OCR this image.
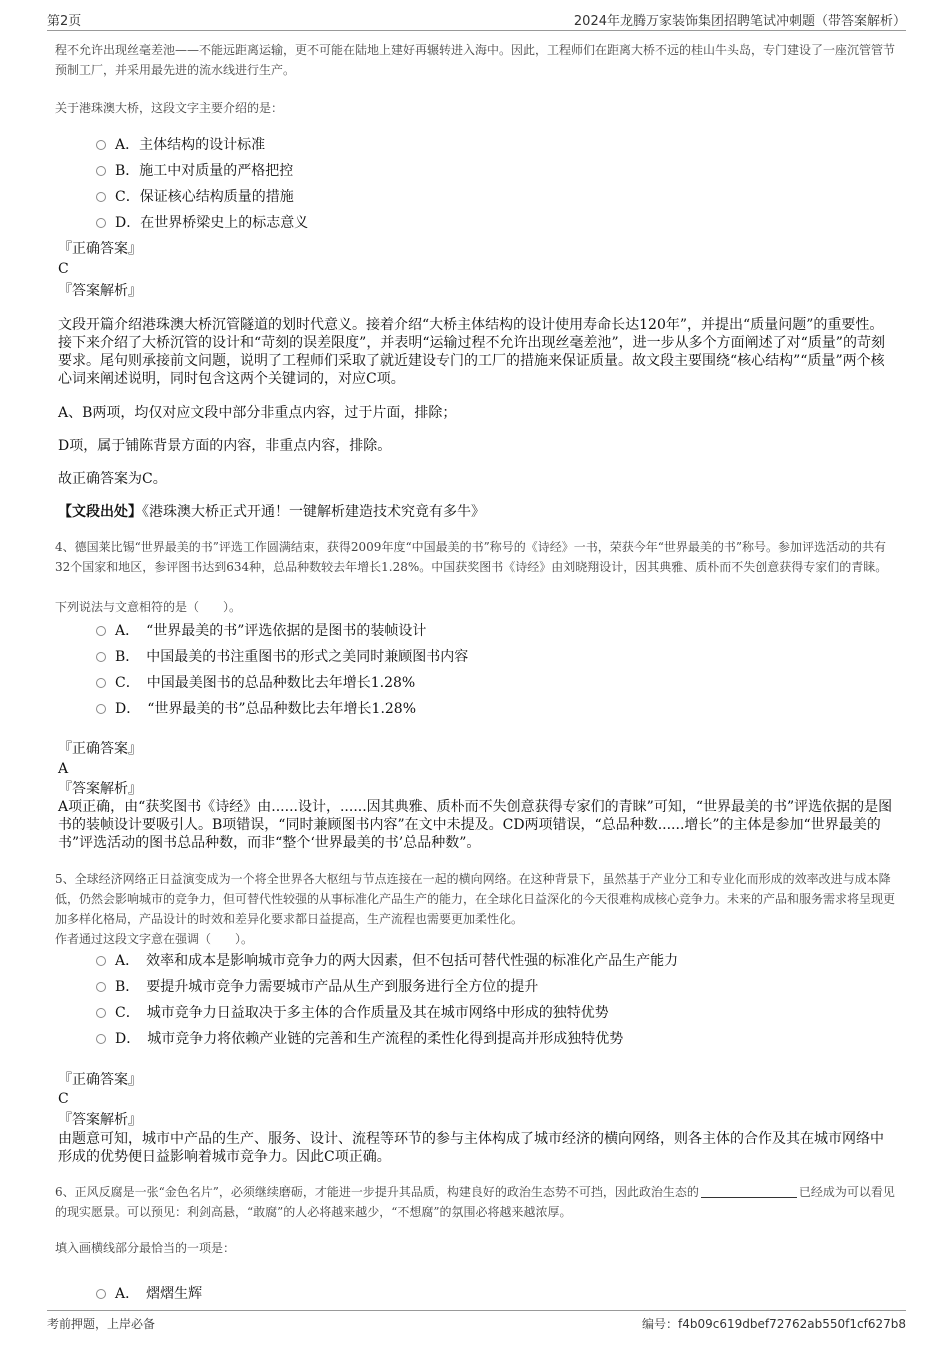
第2页	2024年龙腾万家装饰集团招聘笔试冲刺题（带答案解析）

程不允许出现丝毫差池——不能远距离运输，更不可能在陆地上建好再辗转进入海中。因此，工程师们在距离大桥不远的桂山牛头岛，专门建设了一座沉管管节预制工厂，并采用最先进的流水线进行生产。

关于港珠澳大桥，这段文字主要介绍的是：

A．主体结构的设计标准
B．施工中对质量的严格把控
C．保证核心结构质量的措施
D．在世界桥梁史上的标志意义

『正确答案』

C

『答案解析』

文段开篇介绍港珠澳大桥沉管隧道的划时代意义。接着介绍“大桥主体结构的设计使用寿命长达120年”，并提出“质量问题”的重要性。接下来介绍了大桥沉管的设计和“苛刻的误差限度”，并表明“运输过程不允许出现丝毫差池”，进一步从多个方面阐述了对“质量”的苛刻要求。尾句则承接前文问题，说明了工程师们采取了就近建设专门的工厂的措施来保证质量。故文段主要围绕“核心结构”“质量”两个核心词来阐述说明，同时包含这两个关键词的，对应C项。

A、B两项，均仅对应文段中部分非重点内容，过于片面，排除；

D项，属于铺陈背景方面的内容，非重点内容，排除。

故正确答案为C。

【文段出处】《港珠澳大桥正式开通！一键解析建造技术究竟有多牛》

4、德国莱比锡“世界最美的书”评选工作圆满结束，获得2009年度“中国最美的书”称号的《诗经》一书，荣获今年“世界最美的书”称号。参加评选活动的共有32个国家和地区，参评图书达到634种，总品种数较去年增长1.28%。中国获奖图书《诗经》由刘晓翔设计，因其典雅、质朴而不失创意获得专家们的青睐。

下列说法与文意相符的是（　　）。

A．　“世界最美的书”评选依据的是图书的装帧设计
B．　中国最美的书注重图书的形式之美同时兼顾图书内容
C．　中国最美图书的总品种数比去年增长1.28%
D．　“世界最美的书”总品种数比去年增长1.28%

『正确答案』

A

『答案解析』

A项正确，由“获奖图书《诗经》由......设计，......因其典雅、质朴而不失创意获得专家们的青睐”可知，“世界最美的书”评选依据的是图书的装帧设计要吸引人。B项错误，“同时兼顾图书内容”在文中未提及。CD两项错误，“总品种数......增长”的主体是参加“世界最美的书”评选活动的图书总品种数，而非“整个‘世界最美的书’总品种数”。

5、全球经济网络正日益演变成为一个将全世界各大枢纽与节点连接在一起的横向网络。在这种背景下，虽然基于产业分工和专业化而形成的效率改进与成本降低，仍然会影响城市的竞争力，但可替代性较强的从事标准化产品生产的能力，在全球化日益深化的今天很难构成核心竞争力。未来的产品和服务需求将呈现更加多样化格局，产品设计的时效和差异化要求都日益提高，生产流程也需要更加柔性化。

作者通过这段文字意在强调（　　）。

A．　效率和成本是影响城市竞争力的两大因素，但不包括可替代性强的标准化产品生产能力
B．　要提升城市竞争力需要城市产品从生产到服务进行全方位的提升
C．　城市竞争力日益取决于多主体的合作质量及其在城市网络中形成的独特优势
D．　城市竞争力将依赖产业链的完善和生产流程的柔性化得到提高并形成独特优势

『正确答案』

C

『答案解析』

由题意可知，城市中产品的生产、服务、设计、流程等环节的参与主体构成了城市经济的横向网络，则各主体的合作及其在城市网络中形成的优势便日益影响着城市竞争力。因此C项正确。

6、正风反腐是一张“金色名片”，必须继续磨砺，才能进一步提升其品质，构建良好的政治生态势不可挡，因此政治生态的	已经成为可以看见的现实愿景。可以预见：利剑高悬，“敢腐”的人必将越来越少，“不想腐”的氛围必将越来越浓厚。

填入画横线部分最恰当的一项是：

A．　熠熠生辉
考前押题，上岸必备	编号：f4b09c619dbef72762ab550f1cf627b8
